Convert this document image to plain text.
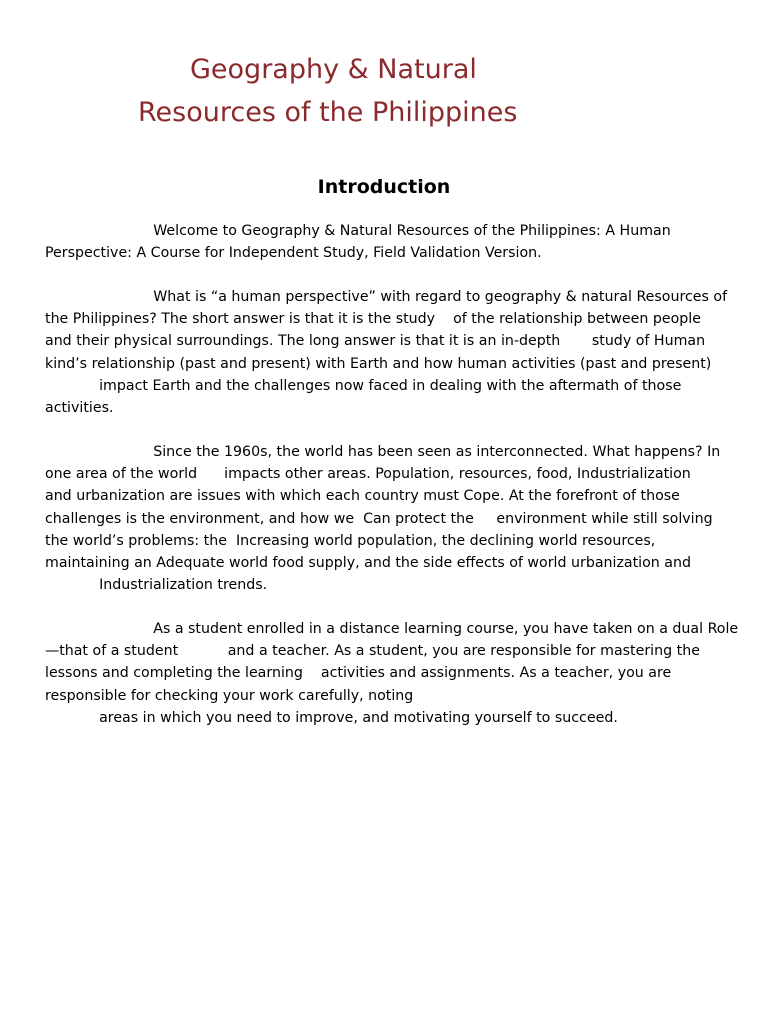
Geography & Natural
Resources of the Philippines
Introduction

Welcome to Geography & Natural Resources of the Philippines: A Human
Perspective: A Course for Independent Study, Field Validation Version.

What is “a human perspective” with regard to geography & natural Resources of
the Philippines? The short answer is that it is the study    of the relationship between people
and their physical surroundings. The long answer is that it is an in-depth       study of Human
kind’s relationship (past and present) with Earth and how human activities (past and present)
impact Earth and the challenges now faced in dealing with the aftermath of those
activities.

Since the 1960s, the world has been seen as interconnected. What happens? In
one area of the world      impacts other areas. Population, resources, food, Industrialization
and urbanization are issues with which each country must Cope. At the forefront of those
challenges is the environment, and how we  Can protect the     environment while still solving
the world’s problems: the  Increasing world population, the declining world resources,
maintaining an Adequate world food supply, and the side effects of world urbanization and
Industrialization trends.

As a student enrolled in a distance learning course, you have taken on a dual Role
—that of a student           and a teacher. As a student, you are responsible for mastering the
lessons and completing the learning    activities and assignments. As a teacher, you are
responsible for checking your work carefully, noting
areas in which you need to improve, and motivating yourself to succeed.
